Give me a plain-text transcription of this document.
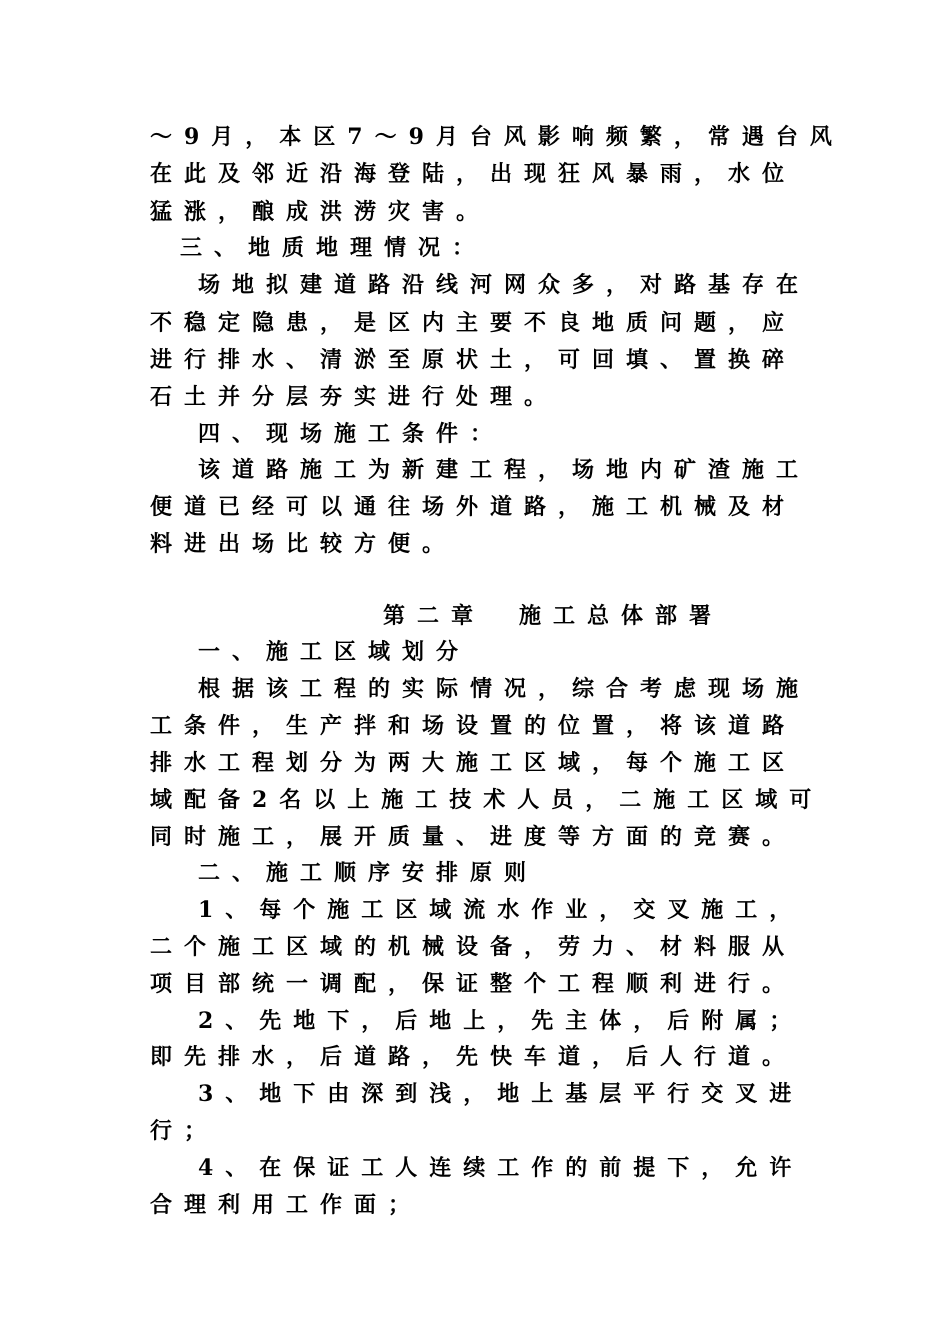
～9月，本区7～9月台风影响频繁，常遇台风
在此及邻近沿海登陆，出现狂风暴雨，水位
猛涨，酿成洪涝灾害。
三、地质地理情况：
场地拟建道路沿线河网众多，对路基存在
不稳定隐患，是区内主要不良地质问题，应
进行排水、清淤至原状土，可回填、置换碎
石土并分层夯实进行处理。
四、现场施工条件：
该道路施工为新建工程，场地内矿渣施工
便道已经可以通往场外道路，施工机械及材
料进出场比较方便。
第二章　施工总体部署
一、施工区域划分
根据该工程的实际情况，综合考虑现场施
工条件，生产拌和场设置的位置，将该道路
排水工程划分为两大施工区域，每个施工区
域配备2名以上施工技术人员，二施工区域可
同时施工，展开质量、进度等方面的竞赛。
二、施工顺序安排原则
1、每个施工区域流水作业，交叉施工，
二个施工区域的机械设备，劳力、材料服从
项目部统一调配，保证整个工程顺利进行。
2、先地下，后地上，先主体，后附属；
即先排水，后道路，先快车道，后人行道。
3、地下由深到浅，地上基层平行交叉进
行；
4、在保证工人连续工作的前提下，允许
合理利用工作面；
